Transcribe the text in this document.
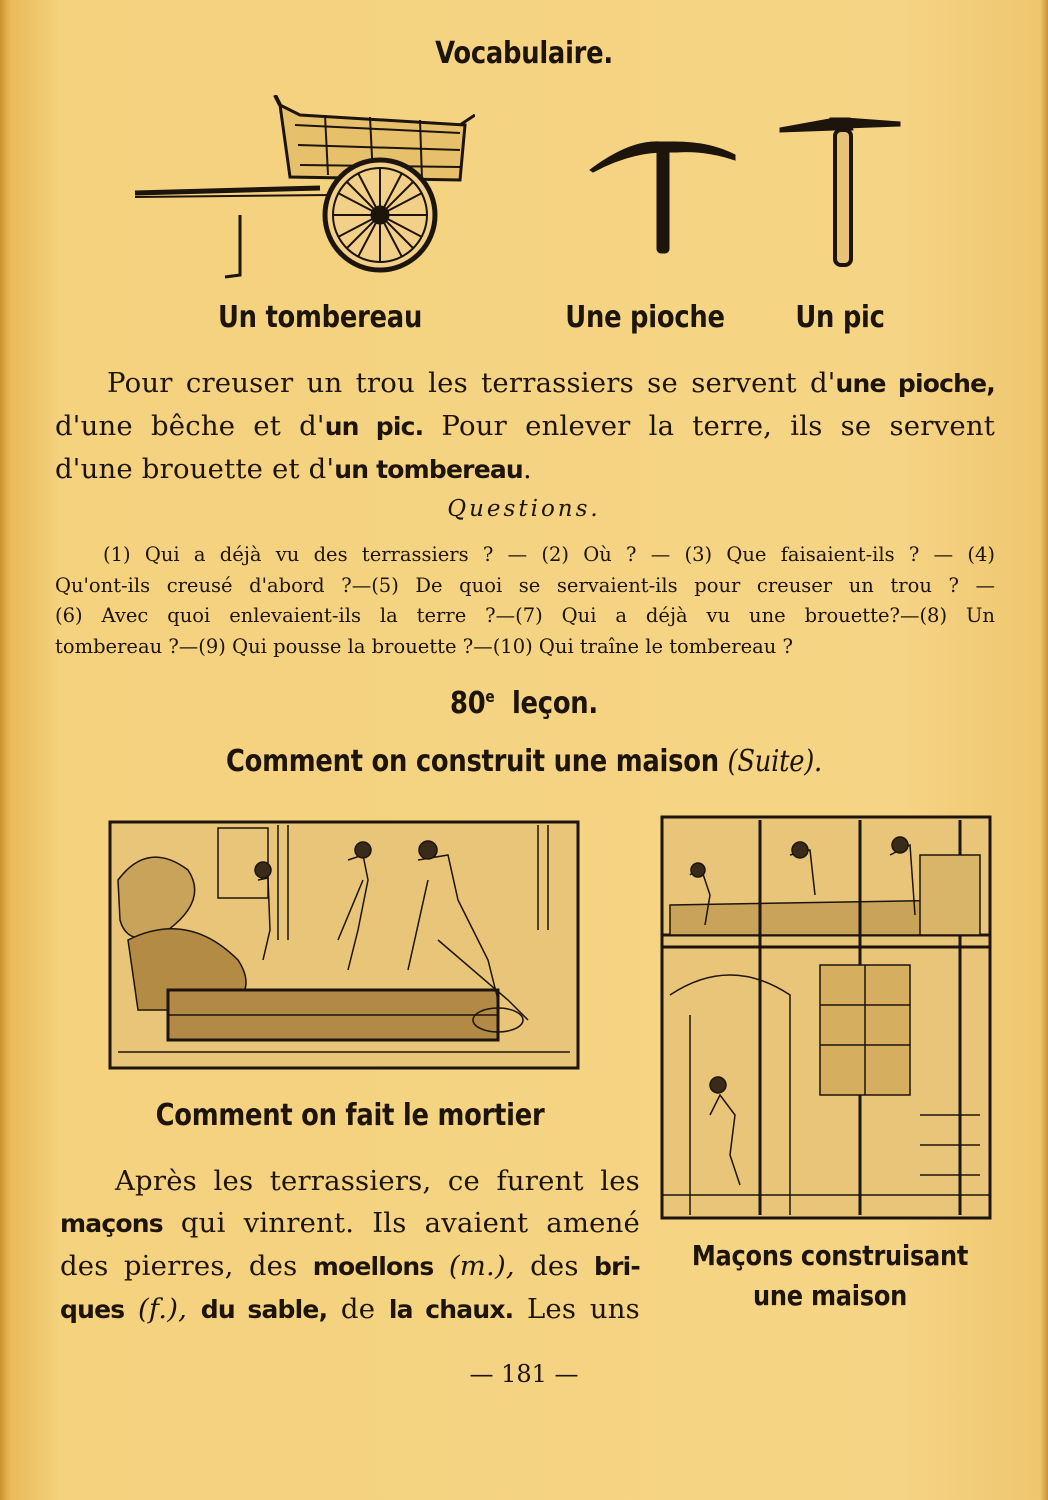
Vocabulaire.
Un tombereau	Une pioche	Un pic
Pour creuser un trou les terrassiers se servent d'une pioche,
d'une bêche et d'un pic. Pour enlever la terre, ils se servent
d'une brouette et d'un tombereau.
Questions.
(1) Qui a déjà vu des terrassiers ? — (2) Où ? — (3) Que faisaient-ils ? — (4)
Qu'ont-ils creusé d'abord ?—(5) De quoi se servaient-ils pour creuser un trou ? —
(6) Avec quoi enlevaient-ils la terre ?—(7) Qui a déjà vu une brouette?—(8) Un
tombereau ?—(9) Qui pousse la brouette ?—(10) Qui traîne le tombereau ?
80e leçon.
Comment on construit une maison (Suite).
Comment on fait le mortier
Maçons construisant
une maison
Après les terrassiers, ce furent les
maçons qui vinrent. Ils avaient amené
des pierres, des moellons (m.), des bri-
ques (f.), du sable, de la chaux. Les uns
— 181 —
